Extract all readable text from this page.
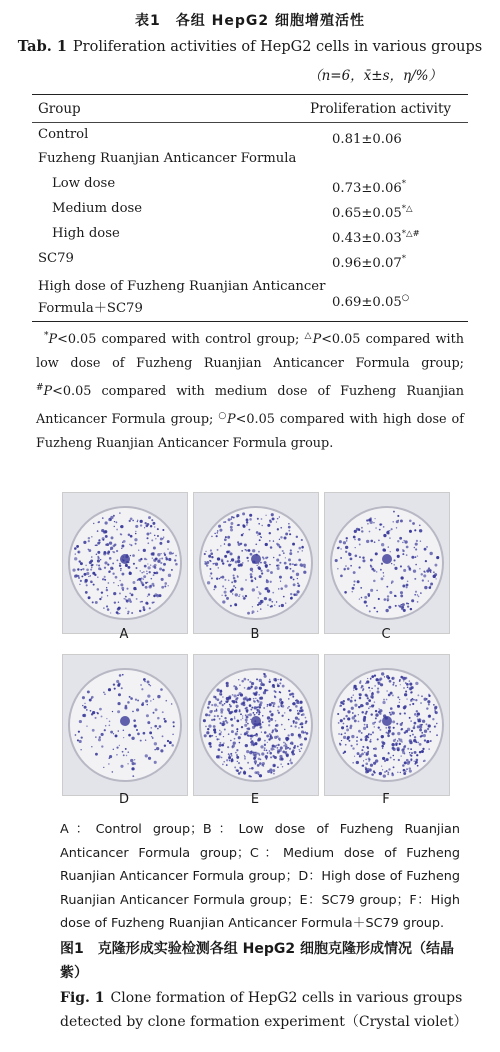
表1　各组 HepG2 细胞增殖活性
Tab. 1 Proliferation activities of HepG2 cells in various groups
（n=6，x̄±s，η/%）
Group	Proliferation activity
Control	0.81±0.06
Fuzheng Ruanjian Anticancer Formula
Low dose	0.73±0.06*
Medium dose	0.65±0.05*△
High dose	0.43±0.03*△#
SC79	0.96±0.07*
High dose of Fuzheng Ruanjian Anticancer
Formula＋SC79	0.69±0.05○
*P<0.05 compared with control group; △P<0.05 compared with low dose of Fuzheng Ruanjian Anticancer Formula group; #P<0.05 compared with medium dose of Fuzheng Ruanjian Anticancer Formula group; ○P<0.05 compared with high dose of Fuzheng Ruanjian Anticancer Formula group.
A	B	C
D	E	F
A：Control group；B：Low dose of Fuzheng Ruanjian Anticancer Formula group；C：Medium dose of Fuzheng Ruanjian Anticancer Formula group；D：High dose of Fuzheng Ruanjian Anticancer Formula group；E：SC79 group；F：High dose of Fuzheng Ruanjian Anticancer Formula＋SC79 group.
图1　克隆形成实验检测各组 HepG2 细胞克隆形成情况（结晶紫）
Fig. 1 Clone formation of HepG2 cells in various groups detected by clone formation experiment（Crystal violet）
